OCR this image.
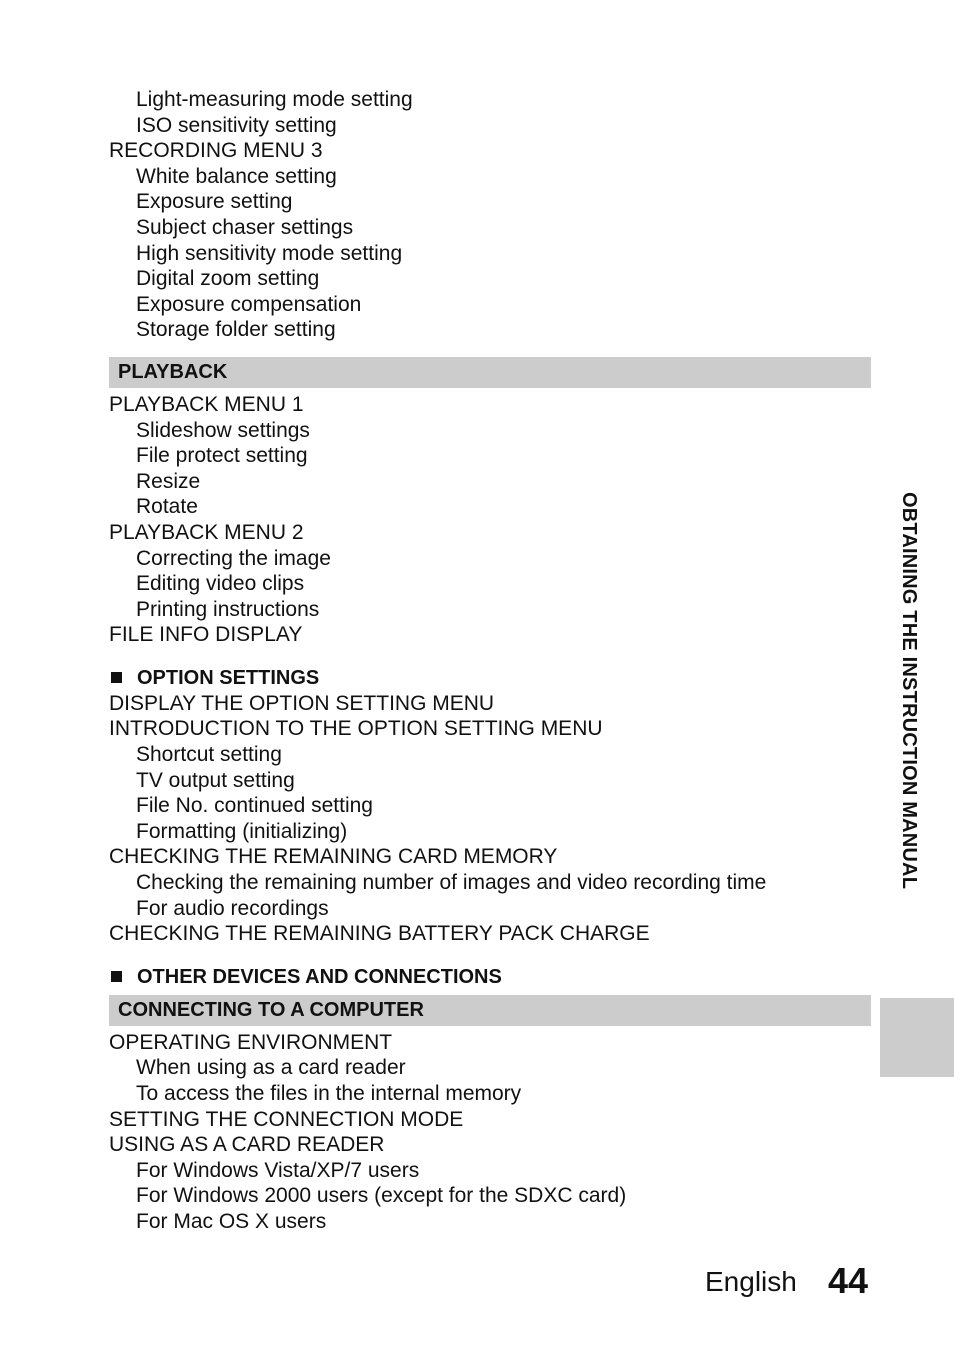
Light-measuring mode setting
ISO sensitivity setting
RECORDING MENU 3
White balance setting
Exposure setting
Subject chaser settings
High sensitivity mode setting
Digital zoom setting
Exposure compensation
Storage folder setting
PLAYBACK
PLAYBACK MENU 1
Slideshow settings
File protect setting
Resize
Rotate
PLAYBACK MENU 2
Correcting the image
Editing video clips
Printing instructions
FILE INFO DISPLAY
OPTION SETTINGS
DISPLAY THE OPTION SETTING MENU
INTRODUCTION TO THE OPTION SETTING MENU
Shortcut setting
TV output setting
File No. continued setting
Formatting (initializing)
CHECKING THE REMAINING CARD MEMORY
Checking the remaining number of images and video recording time
For audio recordings
CHECKING THE REMAINING BATTERY PACK CHARGE
OTHER DEVICES AND CONNECTIONS
CONNECTING TO A COMPUTER
OPERATING ENVIRONMENT
When using as a card reader
To access the files in the internal memory
SETTING THE CONNECTION MODE
USING AS A CARD READER
For Windows Vista/XP/7 users
For Windows 2000 users (except for the SDXC card)
For Mac OS X users
OBTAINING THE INSTRUCTION MANUAL
English 44
